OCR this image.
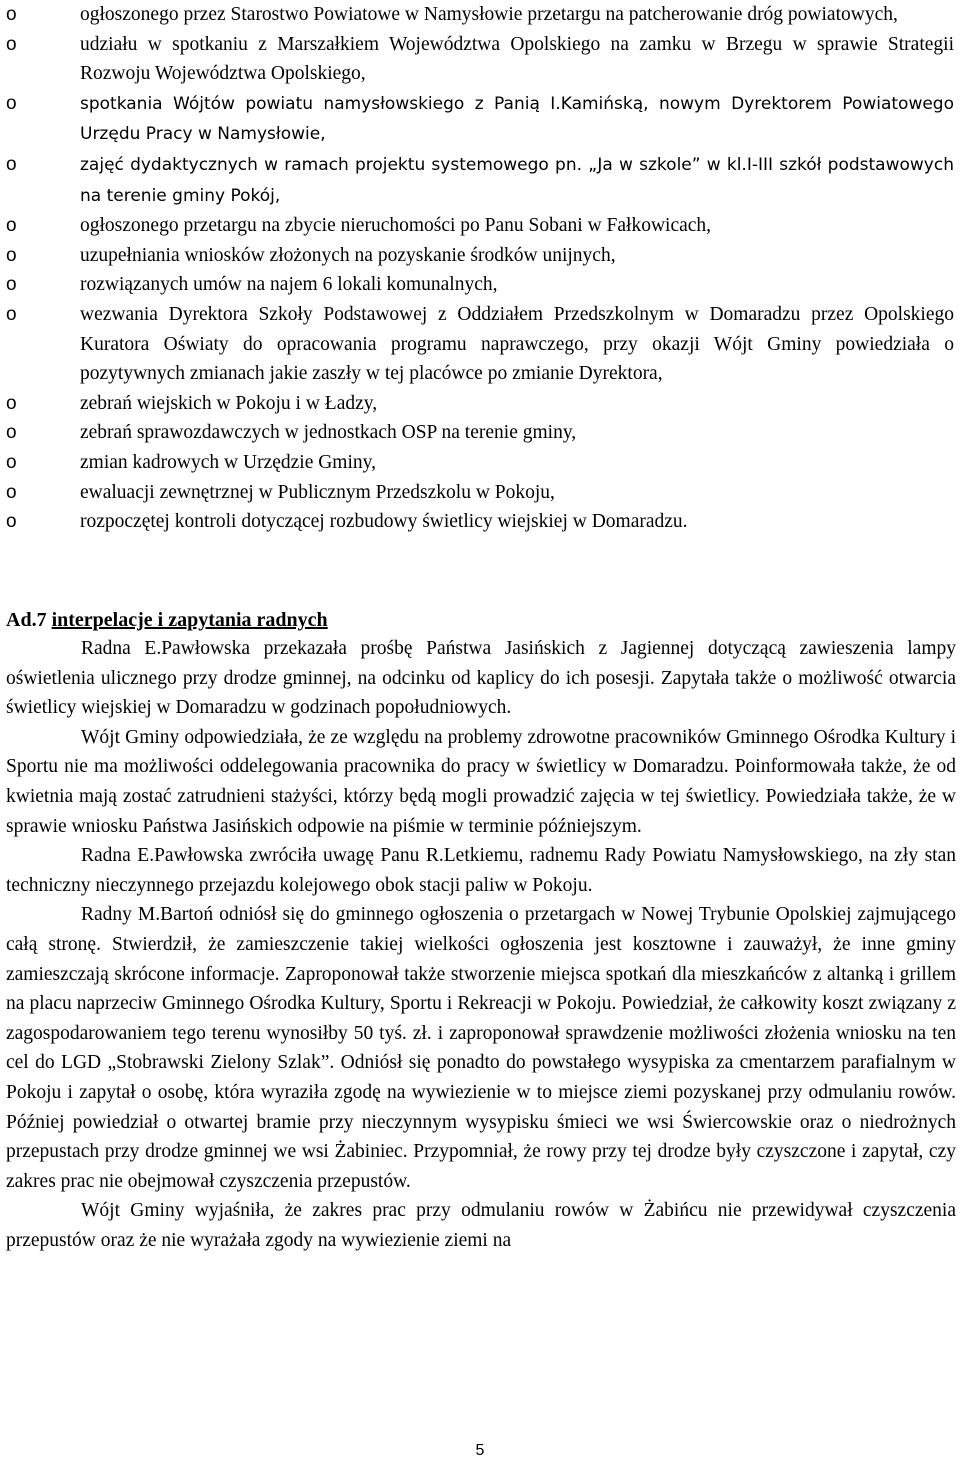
o	ogłoszonego przez Starostwo Powiatowe w Namysłowie przetargu na patcherowanie dróg powiatowych,
o	udziału w spotkaniu z Marszałkiem Województwa Opolskiego na zamku w Brzegu w sprawie Strategii Rozwoju Województwa Opolskiego,
o	spotkania Wójtów powiatu namysłowskiego z Panią I.Kamińską, nowym Dyrektorem Powiatowego Urzędu Pracy w Namysłowie,
o	zajęć dydaktycznych w ramach projektu systemowego pn. „Ja w szkole” w kl.I-III szkół podstawowych na terenie gminy Pokój,
o	ogłoszonego przetargu na zbycie nieruchomości po Panu Sobani w Fałkowicach,
o	uzupełniania wniosków złożonych na pozyskanie środków unijnych,
o	rozwiązanych umów na najem 6 lokali komunalnych,
o	wezwania Dyrektora Szkoły Podstawowej z Oddziałem Przedszkolnym w Domaradzu przez Opolskiego Kuratora Oświaty do opracowania programu naprawczego, przy okazji Wójt Gminy powiedziała o pozytywnych zmianach jakie zaszły w tej placówce po zmianie Dyrektora,
o	zebrań wiejskich w Pokoju i w Ładzy,
o	zebrań sprawozdawczych w jednostkach OSP na terenie gminy,
o	zmian kadrowych w Urzędzie Gminy,
o	ewaluacji zewnętrznej w Publicznym Przedszkolu w Pokoju,
o	rozpoczętej kontroli dotyczącej rozbudowy świetlicy wiejskiej w Domaradzu.
Ad.7 interpelacje i zapytania radnych

Radna E.Pawłowska przekazała prośbę Państwa Jasińskich z Jagiennej dotyczącą zawieszenia lampy oświetlenia ulicznego przy drodze gminnej, na odcinku od kaplicy do ich posesji. Zapytała także o możliwość otwarcia świetlicy wiejskiej w Domaradzu w godzinach popołudniowych.

Wójt Gminy odpowiedziała, że ze względu na problemy zdrowotne pracowników Gminnego Ośrodka Kultury i Sportu nie ma możliwości oddelegowania pracownika do pracy w świetlicy w Domaradzu. Poinformowała także, że od kwietnia mają zostać zatrudnieni stażyści, którzy będą mogli prowadzić zajęcia w tej świetlicy. Powiedziała także, że w sprawie wniosku Państwa Jasińskich odpowie na piśmie w terminie późniejszym.

Radna E.Pawłowska zwróciła uwagę Panu R.Letkiemu, radnemu Rady Powiatu Namysłowskiego, na zły stan techniczny nieczynnego przejazdu kolejowego obok stacji paliw w Pokoju.

Radny M.Bartoń odniósł się do gminnego ogłoszenia o przetargach w Nowej Trybunie Opolskiej zajmującego całą stronę. Stwierdził, że zamieszczenie takiej wielkości ogłoszenia jest kosztowne i zauważył, że inne gminy zamieszczają skrócone informacje. Zaproponował także stworzenie miejsca spotkań dla mieszkańców z altanką i grillem na placu naprzeciw Gminnego Ośrodka Kultury, Sportu i Rekreacji w Pokoju. Powiedział, że całkowity koszt związany z zagospodarowaniem tego terenu wynosiłby 50 tyś. zł. i zaproponował sprawdzenie możliwości złożenia wniosku na ten cel do LGD „Stobrawski Zielony Szlak”. Odniósł się ponadto do powstałego wysypiska za cmentarzem parafialnym w Pokoju i zapytał o osobę, która wyraziła zgodę na wywiezienie w to miejsce ziemi pozyskanej przy odmulaniu rowów. Później powiedział o otwartej bramie przy nieczynnym wysypisku śmieci we wsi Świercowskie oraz o niedrożnych przepustach przy drodze gminnej we wsi Żabiniec. Przypomniał, że rowy przy tej drodze były czyszczone i zapytał, czy zakres prac nie obejmował czyszczenia przepustów.

Wójt Gminy wyjaśniła, że zakres prac przy odmulaniu rowów w Żabińcu nie przewidywał czyszczenia przepustów oraz że nie wyrażała zgody na wywiezienie ziemi na

5
